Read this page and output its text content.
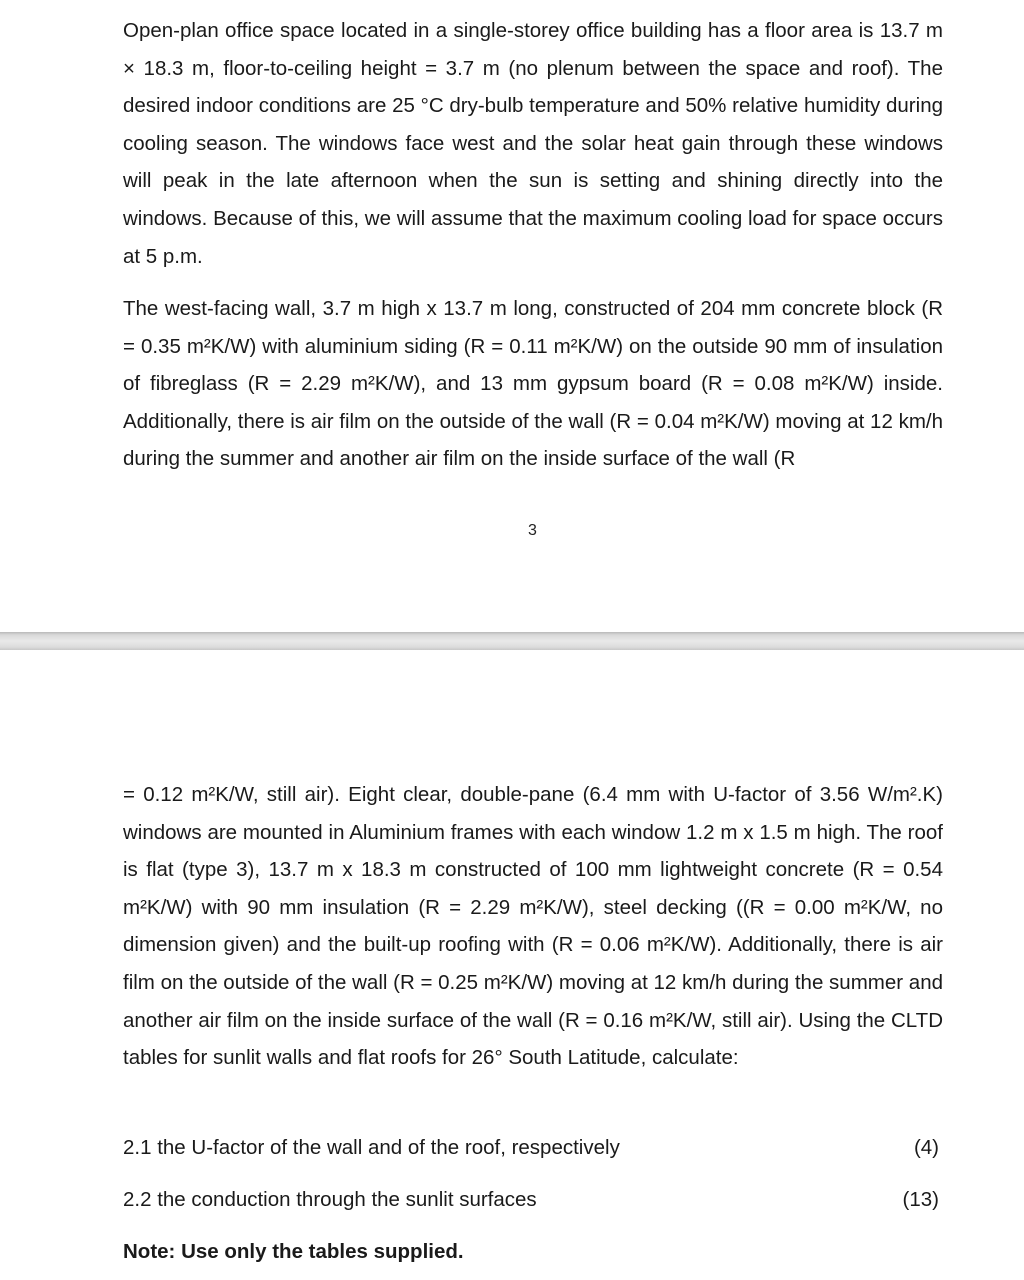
Open-plan office space located in a single-storey office building has a floor area is 13.7 m × 18.3 m, floor-to-ceiling height = 3.7 m (no plenum between the space and roof). The desired indoor conditions are 25 °C dry-bulb temperature and 50% relative humidity during cooling season. The windows face west and the solar heat gain through these windows will peak in the late afternoon when the sun is setting and shining directly into the windows. Because of this, we will assume that the maximum cooling load for space occurs at 5 p.m.

The west-facing wall, 3.7 m high x 13.7 m long, constructed of 204 mm concrete block (R = 0.35 m²K/W) with aluminium siding (R = 0.11 m²K/W) on the outside 90 mm of insulation of fibreglass (R = 2.29 m²K/W), and 13 mm gypsum board (R = 0.08 m²K/W) inside. Additionally, there is air film on the outside of the wall (R = 0.04 m²K/W) moving at 12 km/h during the summer and another air film on the inside surface of the wall (R

3

= 0.12 m²K/W, still air). Eight clear, double-pane (6.4 mm with U-factor of 3.56 W/m².K) windows are mounted in Aluminium frames with each window 1.2 m x 1.5 m high. The roof is flat (type 3), 13.7 m x 18.3 m constructed of 100 mm lightweight concrete (R = 0.54 m²K/W) with 90 mm insulation (R = 2.29 m²K/W), steel decking ((R = 0.00 m²K/W, no dimension given) and the built-up roofing with (R = 0.06 m²K/W). Additionally, there is air film on the outside of the wall (R = 0.25 m²K/W) moving at 12 km/h during the summer and another air film on the inside surface of the wall (R = 0.16 m²K/W, still air). Using the CLTD tables for sunlit walls and flat roofs for 26° South Latitude, calculate:

2.1 the U-factor of the wall and of the roof, respectively	(4)
2.2 the conduction through the sunlit surfaces	(13)
Note: Use only the tables supplied.
